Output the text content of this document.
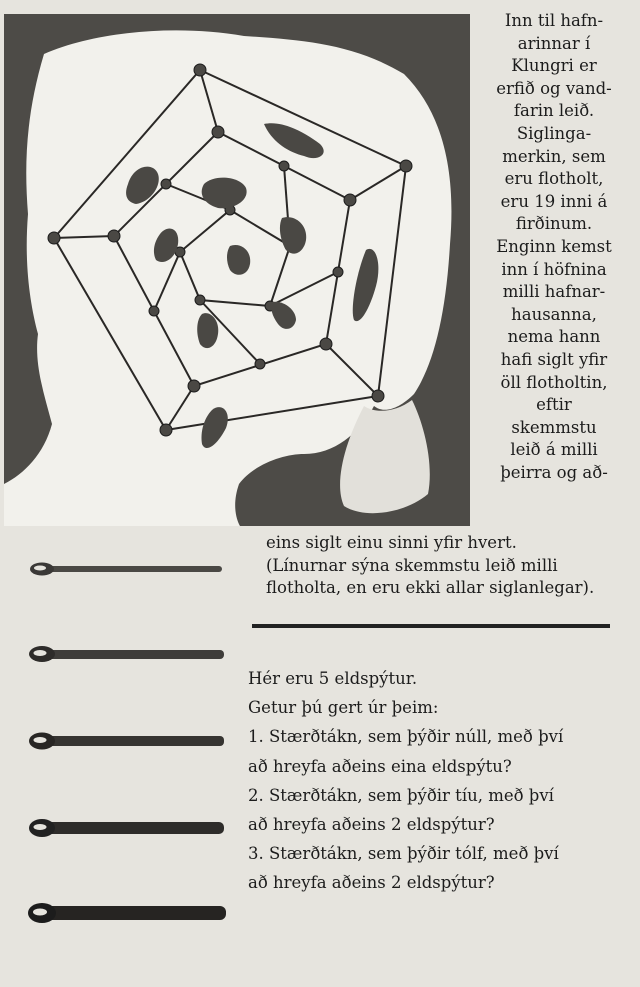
Inn til hafn-
arinnar í
Klungri er
erfið og vand-
farin leið.
Siglinga-
merkin, sem
eru flotholt,
eru 19 inni á
firðinum.
Enginn kemst
inn í höfnina
milli hafnar-
hausanna,
nema hann
hafi siglt yfir
öll flotholtin,
eftir
skemmstu
leið á milli
þeirra og að-
eins siglt einu sinni yfir hvert.
(Línurnar sýna skemmstu leið milli
flotholta, en eru ekki allar siglanlegar).
Hér eru 5 eldspýtur.
Getur þú gert úr þeim:
1. Stærðtákn, sem þýðir núll, með því
að hreyfa aðeins eina eldspýtu?
2. Stærðtákn, sem þýðir tíu, með því
að hreyfa aðeins 2 eldspýtur?
3. Stærðtákn, sem þýðir tólf, með því
að hreyfa aðeins 2 eldspýtur?
